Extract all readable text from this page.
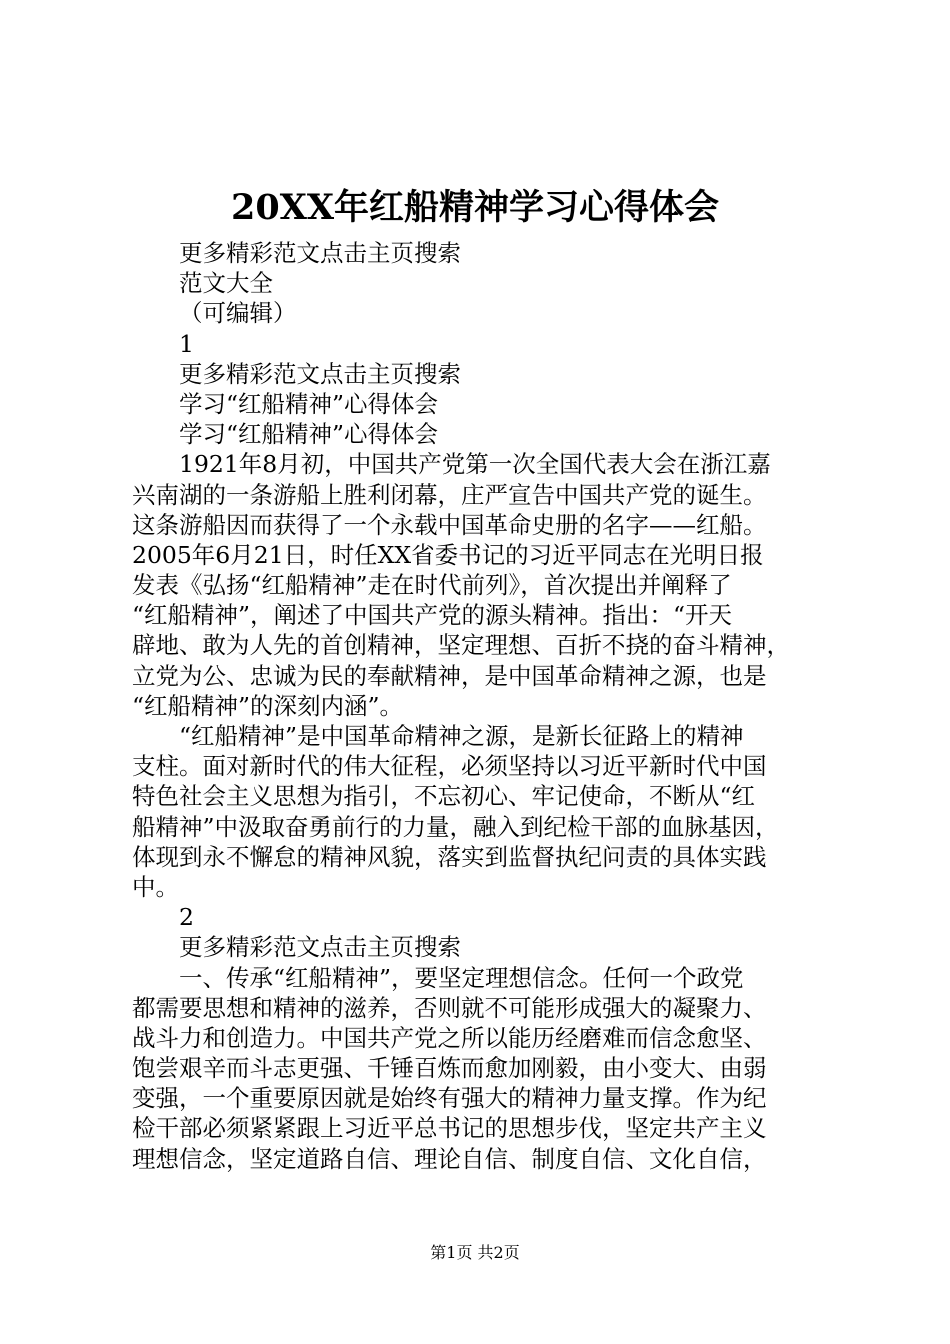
20XX年红船精神学习心得体会
更多精彩范文点击主页搜索
范文大全
（可编辑）
1
更多精彩范文点击主页搜索
学习“红船精神”心得体会
学习“红船精神”心得体会
1921年8月初，中国共产党第一次全国代表大会在浙江嘉
兴南湖的一条游船上胜利闭幕，庄严宣告中国共产党的诞生。
这条游船因而获得了一个永载中国革命史册的名字——红船。
2005年6月21日，时任XX省委书记的习近平同志在光明日报
发表《弘扬“红船精神”走在时代前列》，首次提出并阐释了
“红船精神”，阐述了中国共产党的源头精神。指出：“开天
辟地、敢为人先的首创精神，坚定理想、百折不挠的奋斗精神，
立党为公、忠诚为民的奉献精神，是中国革命精神之源，也是
“红船精神”的深刻内涵”。
“红船精神”是中国革命精神之源，是新长征路上的精神
支柱。面对新时代的伟大征程，必须坚持以习近平新时代中国
特色社会主义思想为指引，不忘初心、牢记使命，不断从“红
船精神”中汲取奋勇前行的力量，融入到纪检干部的血脉基因，
体现到永不懈怠的精神风貌，落实到监督执纪问责的具体实践
中。
2
更多精彩范文点击主页搜索
一、传承“红船精神”，要坚定理想信念。任何一个政党
都需要思想和精神的滋养，否则就不可能形成强大的凝聚力、
战斗力和创造力。中国共产党之所以能历经磨难而信念愈坚、
饱尝艰辛而斗志更强、千锤百炼而愈加刚毅，由小变大、由弱
变强，一个重要原因就是始终有强大的精神力量支撑。作为纪
检干部必须紧紧跟上习近平总书记的思想步伐，坚定共产主义
理想信念，坚定道路自信、理论自信、制度自信、文化自信，
第1页 共2页
